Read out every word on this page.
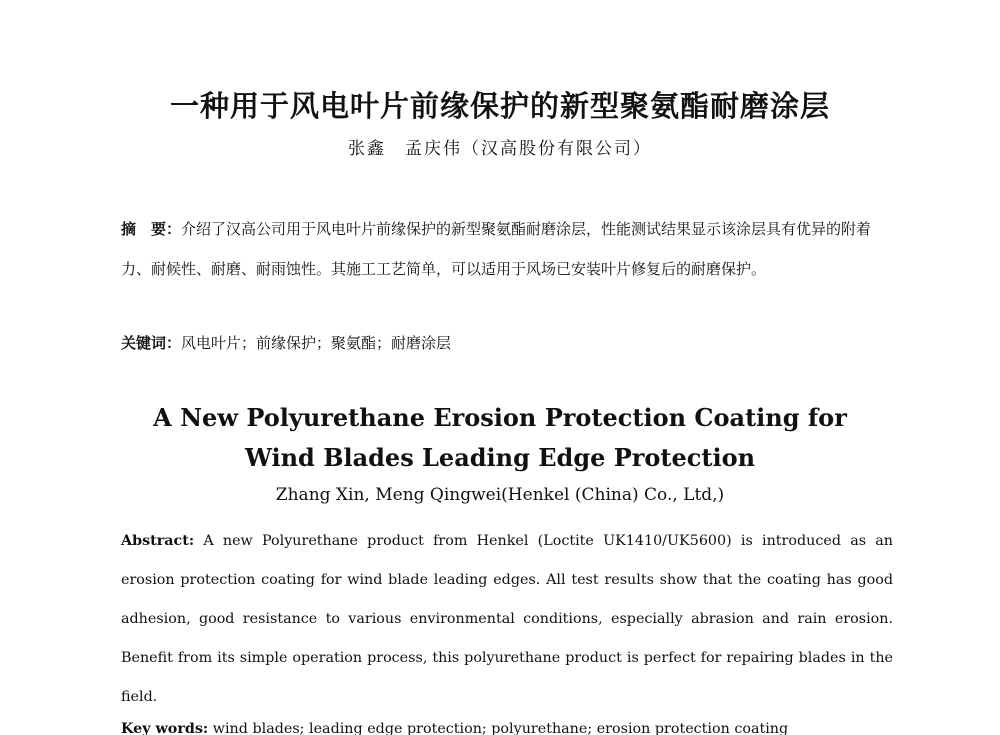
一种用于风电叶片前缘保护的新型聚氨酯耐磨涂层

张鑫　孟庆伟（汉高股份有限公司）

摘　要：介绍了汉高公司用于风电叶片前缘保护的新型聚氨酯耐磨涂层，性能测试结果显示该涂层具有优异的附着力、耐候性、耐磨、耐雨蚀性。其施工工艺简单，可以适用于风场已安装叶片修复后的耐磨保护。

关键词：风电叶片；前缘保护；聚氨酯；耐磨涂层

A New Polyurethane Erosion Protection Coating for
Wind Blades Leading Edge Protection

Zhang Xin, Meng Qingwei(Henkel (China) Co., Ltd,)

Abstract: A new Polyurethane product from Henkel (Loctite UK1410/UK5600) is introduced as an erosion protection coating for wind blade leading edges. All test results show that the coating has good adhesion, good resistance to various environmental conditions, especially abrasion and rain erosion. Benefit from its simple operation process, this polyurethane product is perfect for repairing blades in the field.

Key words: wind blades; leading edge protection; polyurethane; erosion protection coating
